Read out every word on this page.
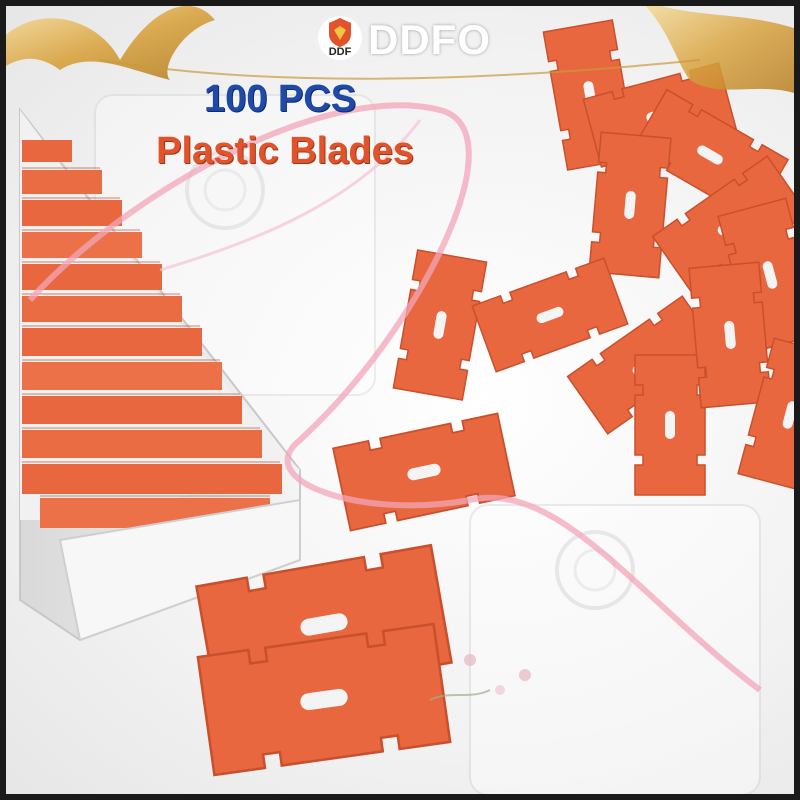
DDF DDFO
100 PCS
Plastic Blades
